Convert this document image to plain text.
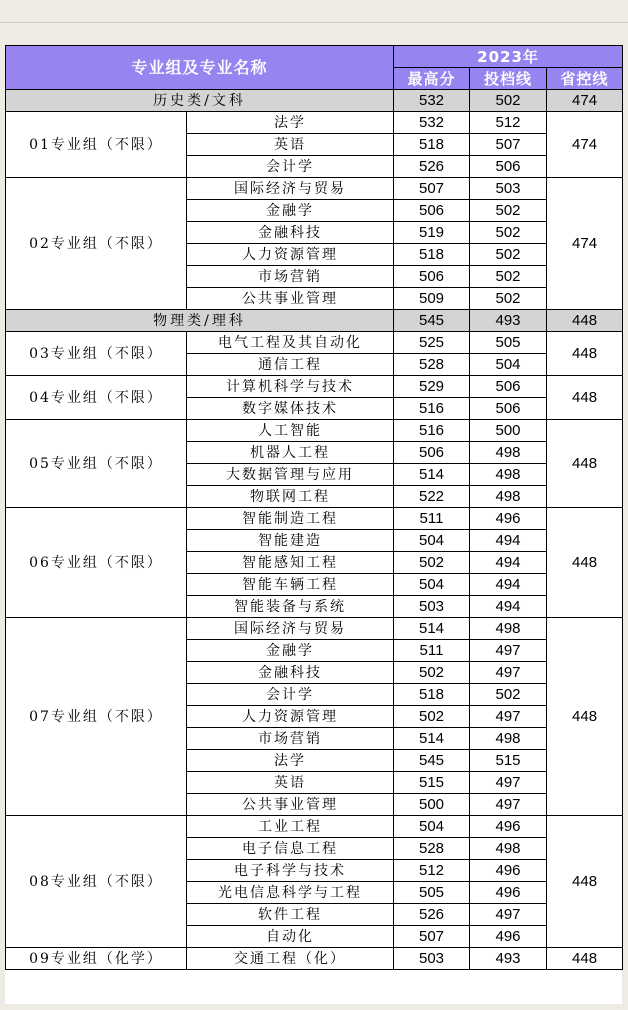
专业组及专业名称		2023年		
		最高分	投档线	省控线
历史类/文科		532	502	474
01专业组（不限）	法学	532	512	474
	英语	518	507	
	会计学	526	506	
02专业组（不限）	国际经济与贸易	507	503	474
	金融学	506	502	
	金融科技	519	502	
	人力资源管理	518	502	
	市场营销	506	502	
	公共事业管理	509	502	
物理类/理科		545	493	448
03专业组（不限）	电气工程及其自动化	525	505	448
	通信工程	528	504	
04专业组（不限）	计算机科学与技术	529	506	448
	数字媒体技术	516	506	
05专业组（不限）	人工智能	516	500	448
	机器人工程	506	498	
	大数据管理与应用	514	498	
	物联网工程	522	498	
06专业组（不限）	智能制造工程	511	496	448
	智能建造	504	494	
	智能感知工程	502	494	
	智能车辆工程	504	494	
	智能装备与系统	503	494	
07专业组（不限）	国际经济与贸易	514	498	448
	金融学	511	497	
	金融科技	502	497	
	会计学	518	502	
	人力资源管理	502	497	
	市场营销	514	498	
	法学	545	515	
	英语	515	497	
	公共事业管理	500	497	
08专业组（不限）	工业工程	504	496	448
	电子信息工程	528	498	
	电子科学与技术	512	496	
	光电信息科学与工程	505	496	
	软件工程	526	497	
	自动化	507	496	
09专业组（化学）	交通工程（化）	503	493	448
